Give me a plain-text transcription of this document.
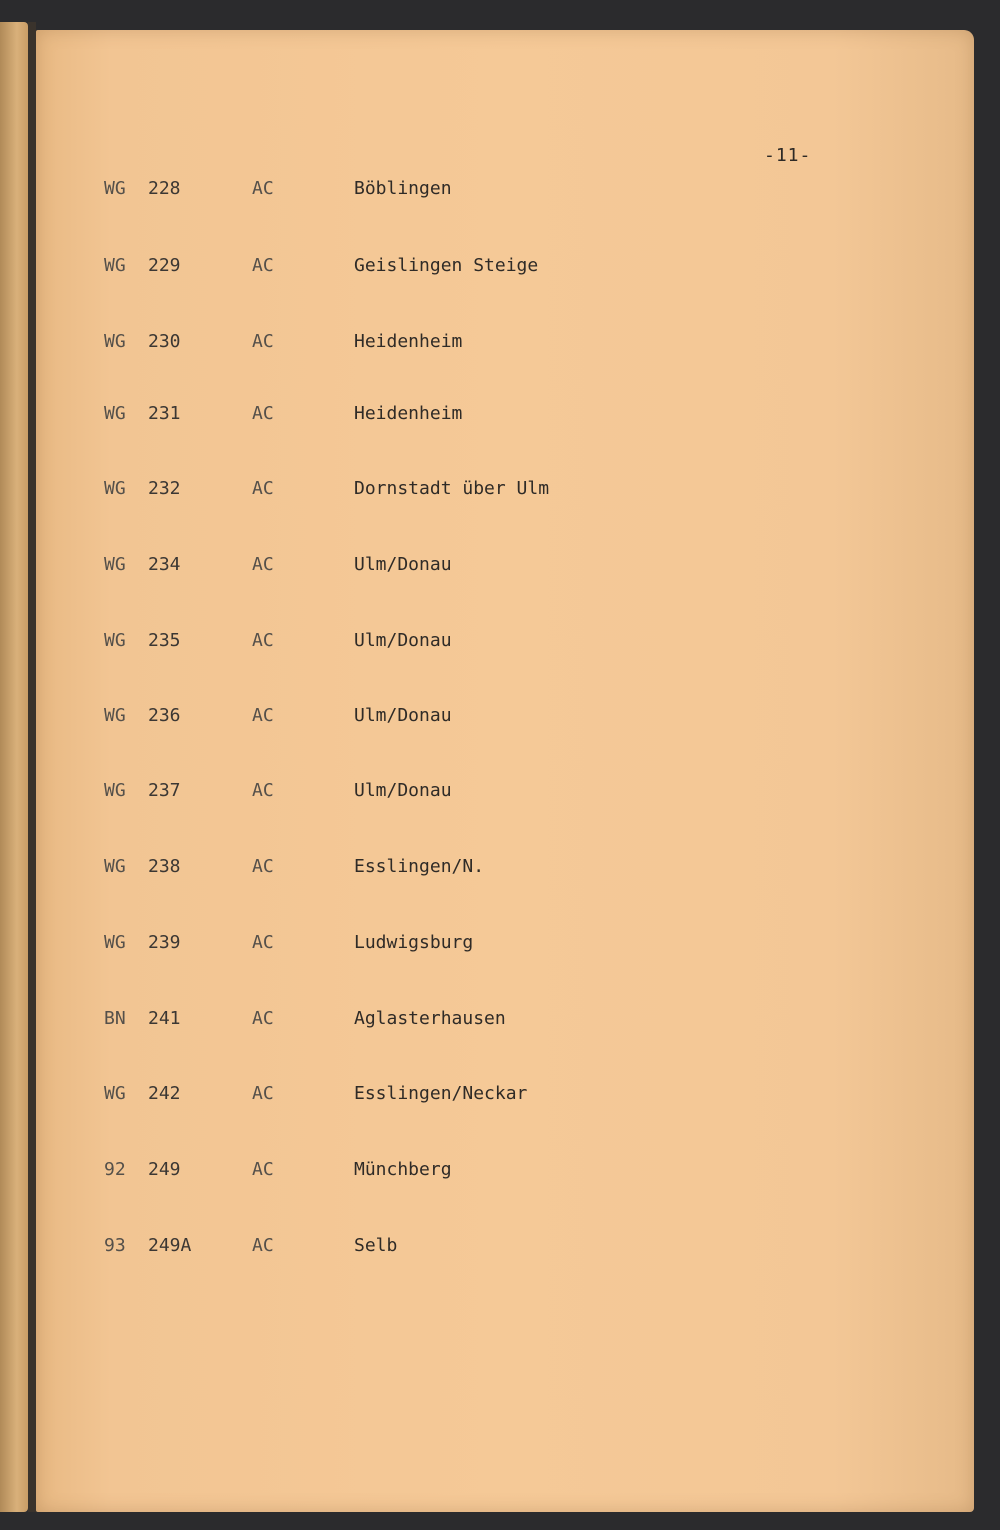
-11-
WG 228	AC	Böblingen
WG 229	AC	Geislingen Steige
WG 230	AC	Heidenheim
WG 231	AC	Heidenheim
WG 232	AC	Dornstadt über Ulm
WG 234	AC	Ulm/Donau
WG 235	AC	Ulm/Donau
WG 236	AC	Ulm/Donau
WG 237	AC	Ulm/Donau
WG 238	AC	Esslingen/N.
WG 239	AC	Ludwigsburg
BN 241	AC	Aglasterhausen
WG 242	AC	Esslingen/Neckar
92 249	AC	Münchberg
93 249A	AC	Selb
